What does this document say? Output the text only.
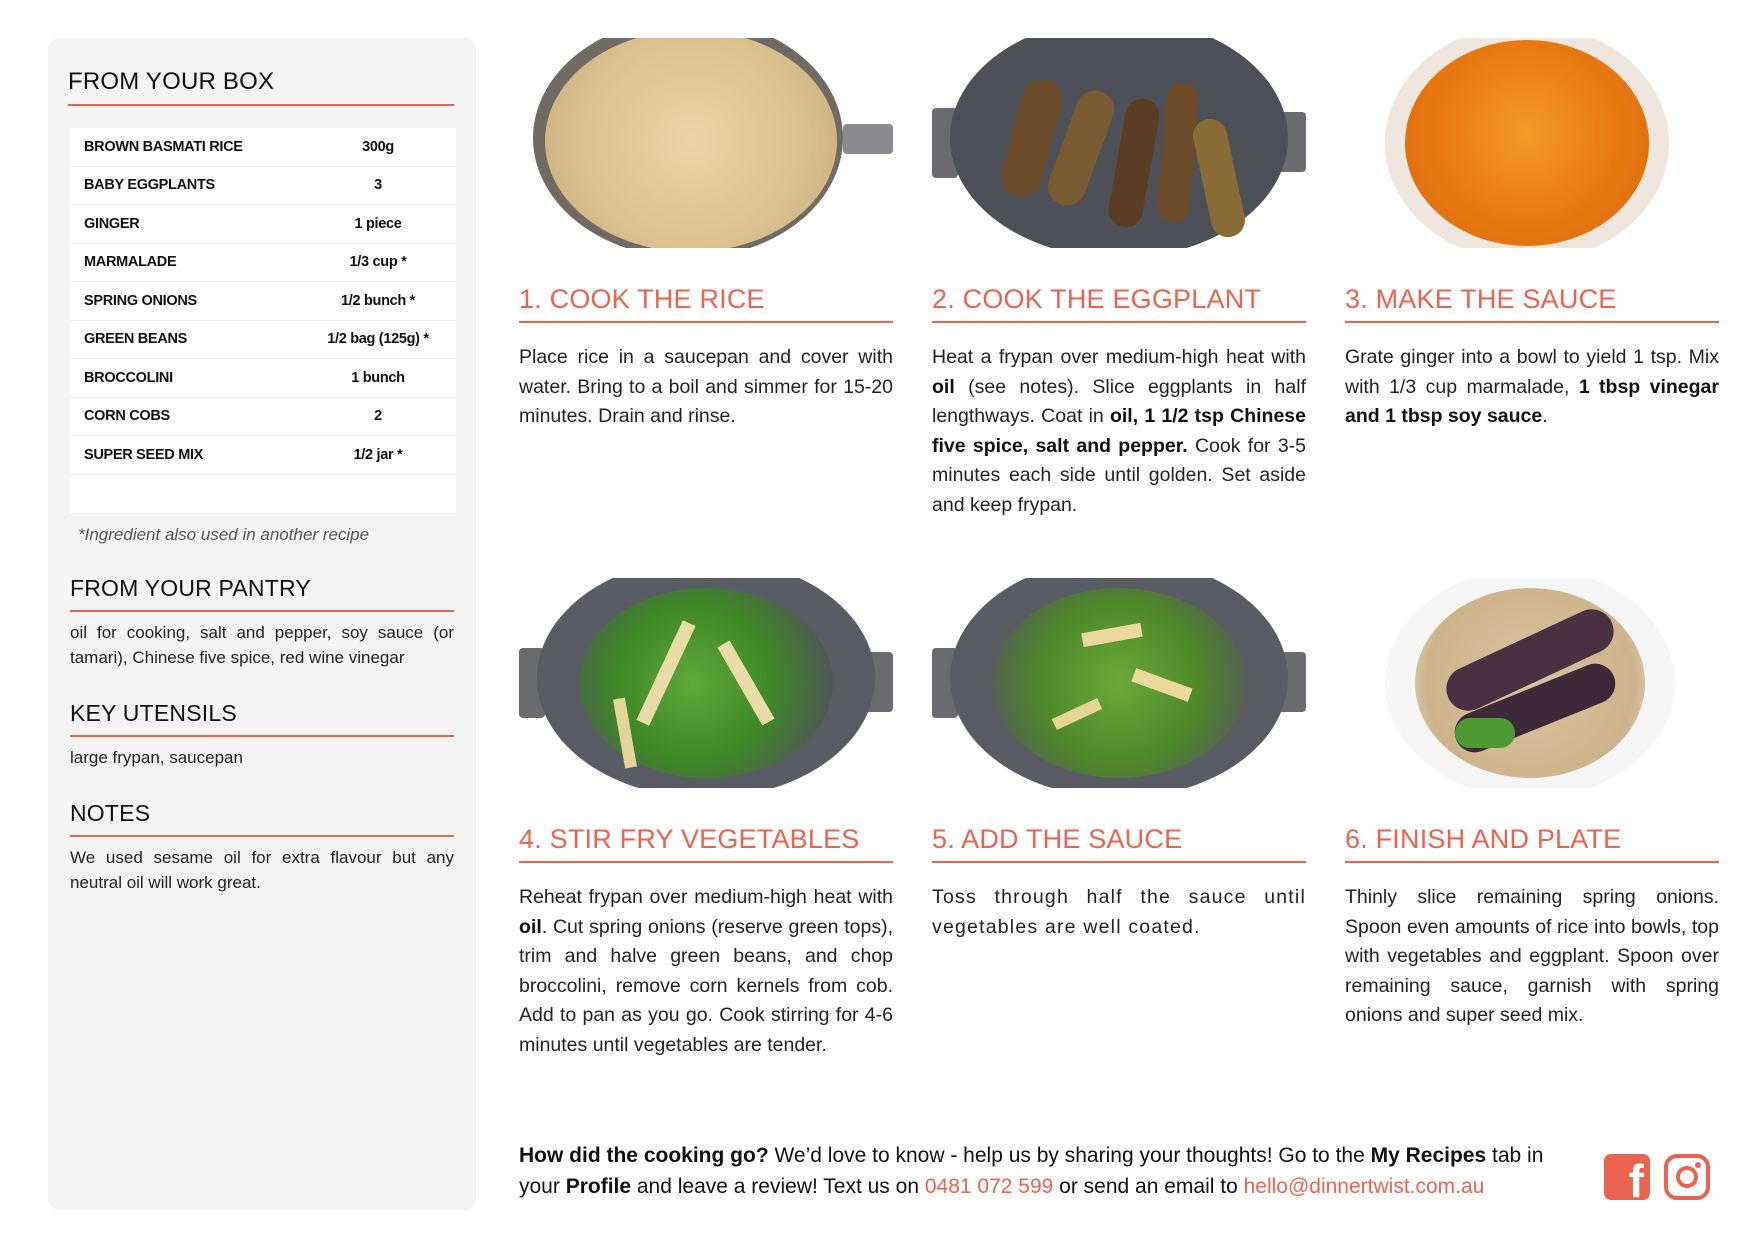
FROM YOUR BOX
BROWN BASMATI RICE	300g
BABY EGGPLANTS	3
GINGER	1 piece
MARMALADE	1/3 cup *
SPRING ONIONS	1/2 bunch *
GREEN BEANS	1/2 bag (125g) *
BROCCOLINI	1 bunch
CORN COBS	2
SUPER SEED MIX	1/2 jar *
*Ingredient also used in another recipe
FROM YOUR PANTRY
oil for cooking, salt and pepper, soy sauce (or tamari), Chinese five spice, red wine vinegar
KEY UTENSILS
large frypan, saucepan
NOTES
We used sesame oil for extra flavour but any neutral oil will work great.
1. COOK THE RICE
Place rice in a saucepan and cover with water. Bring to a boil and simmer for 15-20 minutes. Drain and rinse.
2. COOK THE EGGPLANT
Heat a frypan over medium-high heat with oil (see notes). Slice eggplants in half lengthways. Coat in oil, 1 1/2 tsp Chinese five spice, salt and pepper. Cook for 3-5 minutes each side until golden. Set aside and keep frypan.
3. MAKE THE SAUCE
Grate ginger into a bowl to yield 1 tsp. Mix with 1/3 cup marmalade, 1 tbsp vinegar and 1 tbsp soy sauce.
4. STIR FRY VEGETABLES
Reheat frypan over medium-high heat with oil. Cut spring onions (reserve green tops), trim and halve green beans, and chop broccolini, remove corn kernels from cob. Add to pan as you go. Cook stirring for 4-6 minutes until vegetables are tender.
5. ADD THE SAUCE
Toss through half the sauce until vegetables are well coated.
6. FINISH AND PLATE
Thinly slice remaining spring onions. Spoon even amounts of rice into bowls, top with vegetables and eggplant. Spoon over remaining sauce, garnish with spring onions and super seed mix.
How did the cooking go? We’d love to know - help us by sharing your thoughts! Go to the My Recipes tab in your Profile and leave a review! Text us on 0481 072 599 or send an email to hello@dinnertwist.com.au	f
